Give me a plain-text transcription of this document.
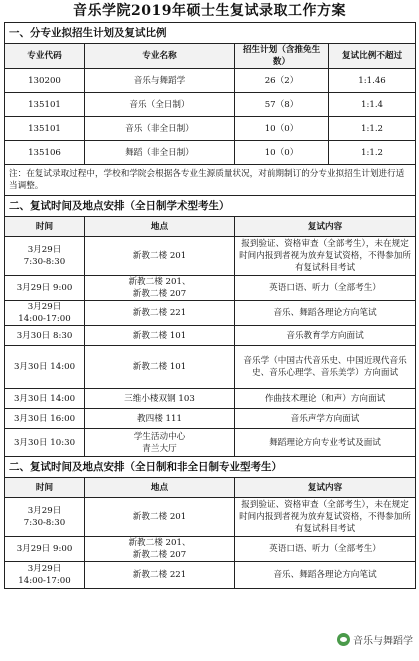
音乐学院2019年硕士生复试录取工作方案
一、分专业拟招生计划及复试比例			
专业代码	专业名称	招生计划（含推免生数）	复试比例不超过
130200	音乐与舞蹈学	26（2）	1:1.46
135101	音乐（全日制）	57（8）	1:1.4
135101	音乐（非全日制）	10（0）	1:1.2
135106	舞蹈（非全日制）	10（0）	1:1.2
注：在复试录取过程中，学校和学院会根据各专业生源质量状况，对前期制订的分专业拟招生计划进行适当调整。			
二、复试时间及地点安排（全日制学术型考生）			
时间	地点	复试内容	
3月29日
7:30-8:30	新教二楼 201	报到验证、资格审查（全部考生），未在规定时间内报到者视为放弃复试资格，不得参加所有复试科目考试	
3月29日 9:00	新教二楼 201、
新教二楼 207	英语口语、听力（全部考生）	
3月29日
14:00-17:00	新教二楼 221	音乐、舞蹈各理论方向笔试	
3月30日 8:30	新教二楼 101	音乐教育学方向面试	
3月30日 14:00	新教二楼 101	音乐学（中国古代音乐史、中国近现代音乐史、音乐心理学、音乐美学）方向面试	
3月30日 14:00	三维小楼双钢 103	作曲技术理论（和声）方向面试	
3月30日 16:00	教四楼 111	音乐声学方向面试	
3月30日 10:30	学生活动中心
青兰大厅	舞蹈理论方向专业考试及面试	
二、复试时间及地点安排（全日制和非全日制专业型考生）			
时间	地点	复试内容	
3月29日
7:30-8:30	新教二楼 201	报到验证、资格审查（全部考生），未在规定时间内报到者视为放弃复试资格，不得参加所有复试科目考试	
3月29日 9:00	新教二楼 201、
新教二楼 207	英语口语、听力（全部考生）	
3月29日
14:00-17:00	新教二楼 221	音乐、舞蹈各理论方向笔试	
音乐与舞蹈学
